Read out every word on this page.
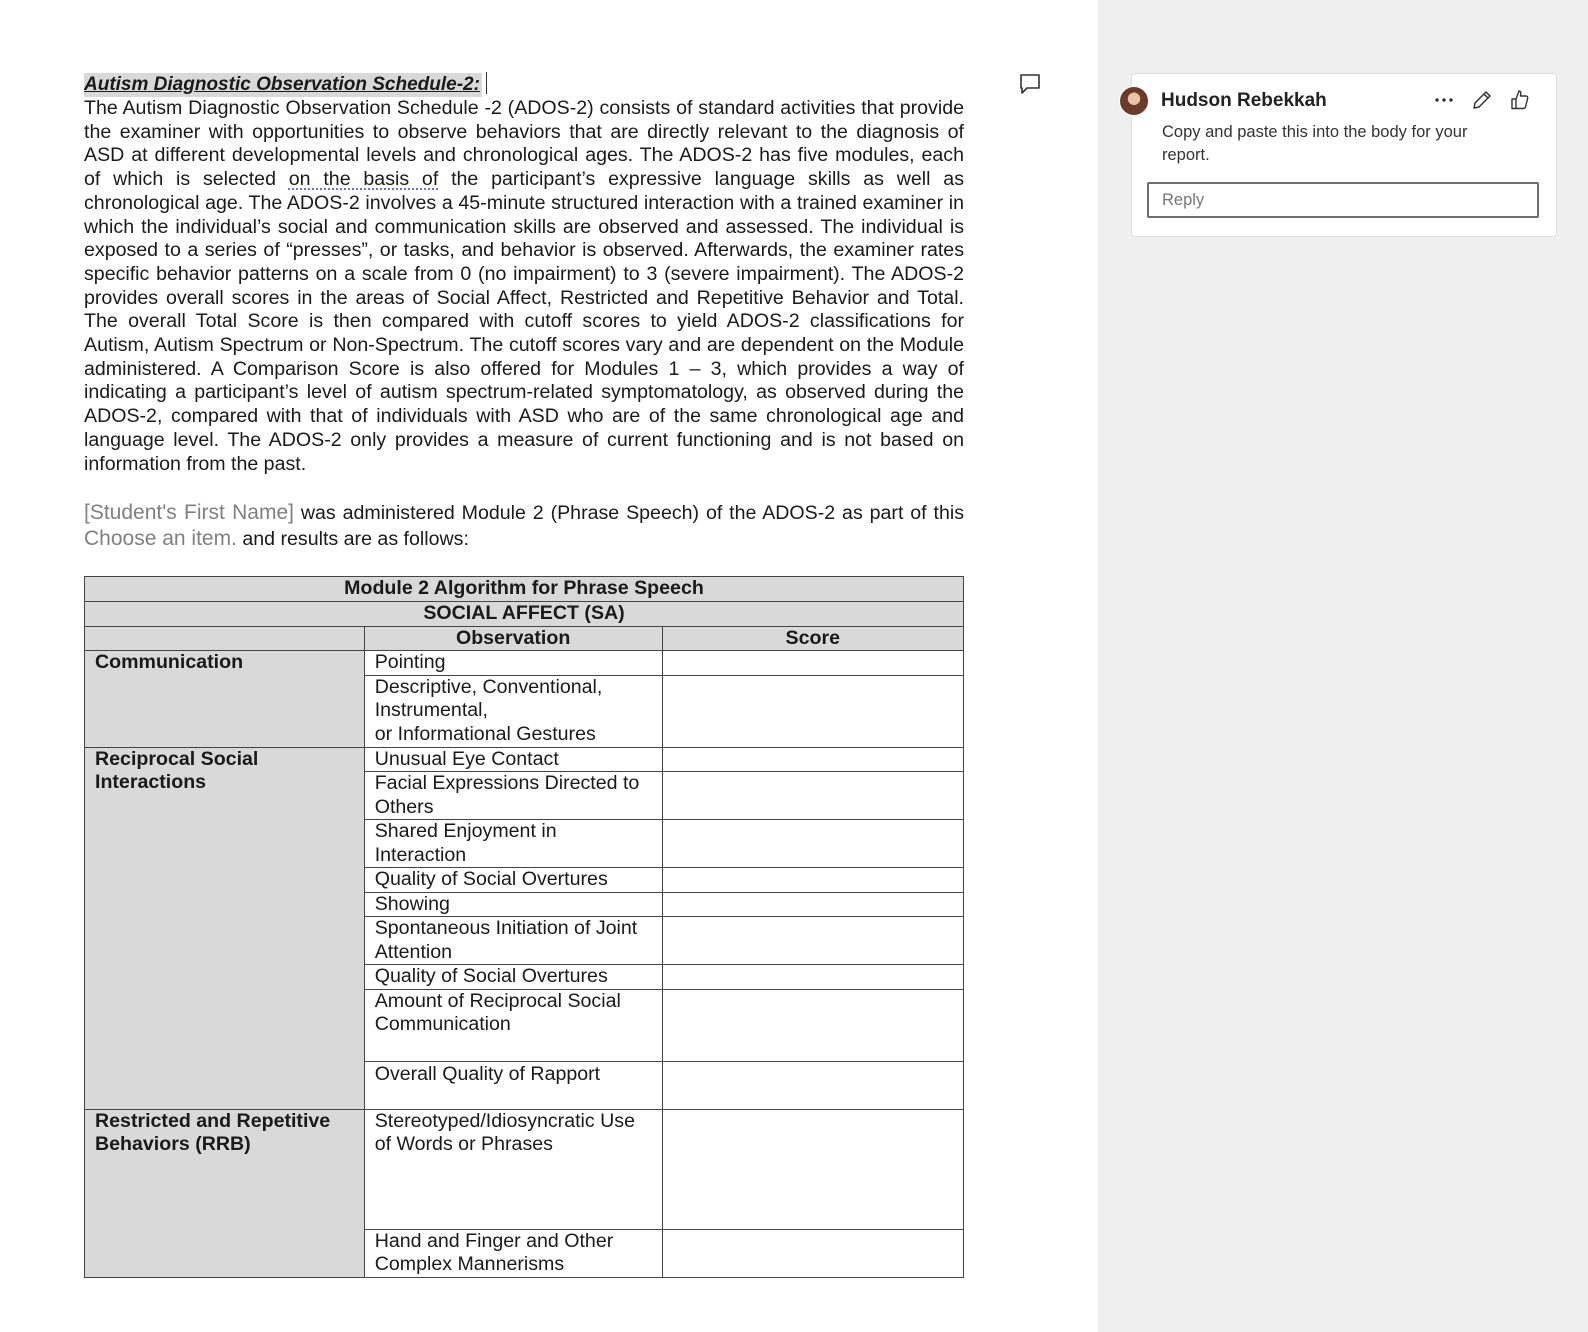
Autism Diagnostic Observation Schedule-2:

The Autism Diagnostic Observation Schedule -2 (ADOS-2) consists of standard activities that provide the examiner with opportunities to observe behaviors that are directly relevant to the diagnosis of ASD at different developmental levels and chronological ages. The ADOS-2 has five modules, each of which is selected on the basis of the participant’s expressive language skills as well as chronological age. The ADOS-2 involves a 45-minute structured interaction with a trained examiner in which the individual’s social and communication skills are observed and assessed. The individual is exposed to a series of “presses”, or tasks, and behavior is observed. Afterwards, the examiner rates specific behavior patterns on a scale from 0 (no impairment) to 3 (severe impairment). The ADOS-2 provides overall scores in the areas of Social Affect, Restricted and Repetitive Behavior and Total. The overall Total Score is then compared with cutoff scores to yield ADOS-2 classifications for Autism, Autism Spectrum or Non-Spectrum. The cutoff scores vary and are dependent on the Module administered. A Comparison Score is also offered for Modules 1 – 3, which provides a way of indicating a participant’s level of autism spectrum-related symptomatology, as observed during the ADOS-2, compared with that of individuals with ASD who are of the same chronological age and language level. The ADOS-2 only provides a measure of current functioning and is not based on information from the past.

[Student's First Name] was administered Module 2 (Phrase Speech) of the ADOS-2 as part of this Choose an item. and results are as follows:

Module 2 Algorithm for Phrase Speech		
SOCIAL AFFECT (SA)		
	Observation	Score
Communication	Pointing	
	Descriptive, Conventional, Instrumental,
or Informational Gestures	
Reciprocal Social Interactions	Unusual Eye Contact	
	Facial Expressions Directed to Others	
	Shared Enjoyment in Interaction	
	Quality of Social Overtures	
	Showing	
	Spontaneous Initiation of Joint Attention	
	Quality of Social Overtures	
	Amount of Reciprocal Social Communication	
	Overall Quality of Rapport	
Restricted and Repetitive Behaviors (RRB)	Stereotyped/Idiosyncratic Use of Words or Phrases	
	Hand and Finger and Other Complex Mannerisms	
Hudson Rebekkah
Copy and paste this into the body for your report.
Reply
